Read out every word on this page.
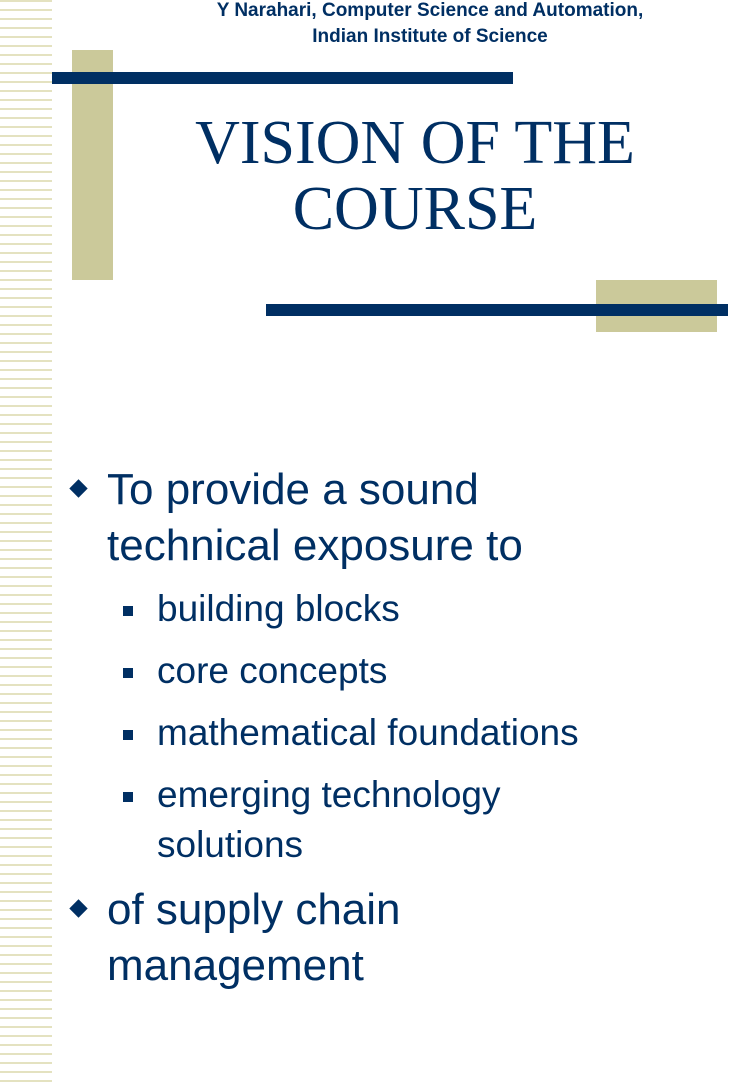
Y Narahari, Computer Science and Automation,
Indian Institute of Science
VISION OF THE
COURSE
To provide a sound
technical exposure to
building blocks
core concepts
mathematical foundations
emerging technology
solutions
of supply chain
management
